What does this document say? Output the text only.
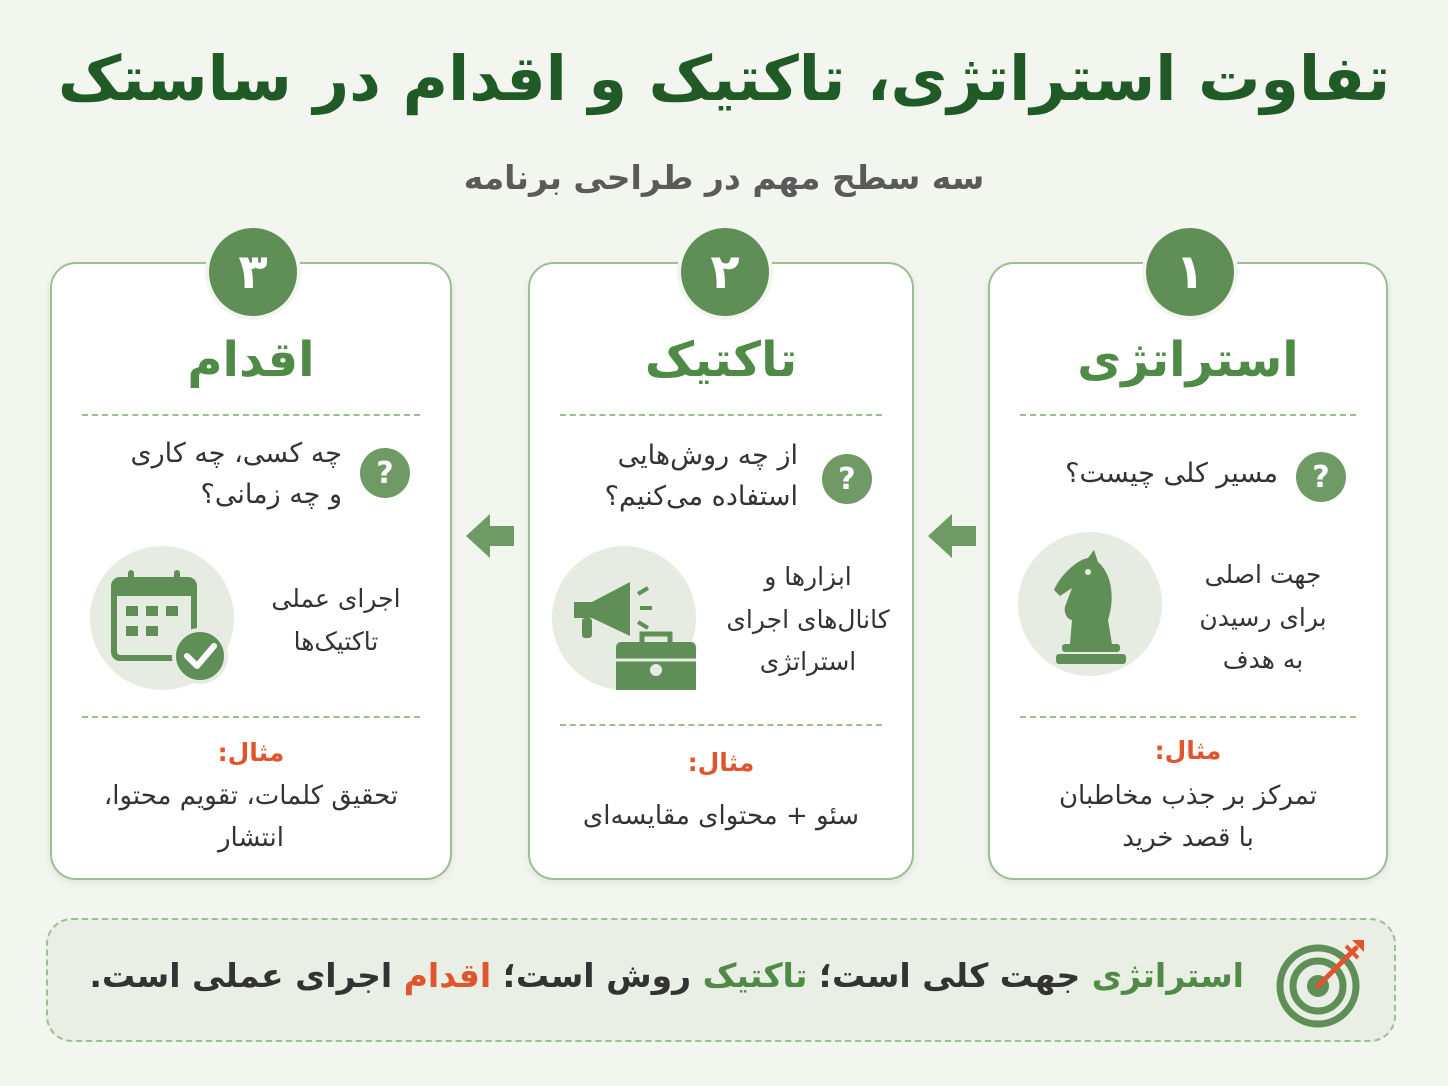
تفاوت استراتژی، تاکتیک و اقدام در ساستک
سه سطح مهم در طراحی برنامه
۱
استراتژی
?
مسیر کلی چیست؟
جهت اصلی
برای رسیدن
به هدف
مثال:
تمرکز بر جذب مخاطبان
با قصد خرید
۲
تاکتیک
?
از چه روش‌هایی
استفاده می‌کنیم؟
ابزارها و
کانال‌های اجرای
استراتژی
مثال:
سئو + محتوای مقایسه‌ای
۳
اقدام
?
چه کسی، چه کاری
و چه زمانی؟
اجرای عملی
تاکتیک‌ها
مثال:
تحقیق کلمات، تقویم محتوا،
انتشار
استراتژی جهت کلی است؛ تاکتیک روش است؛ اقدام اجرای عملی است.
